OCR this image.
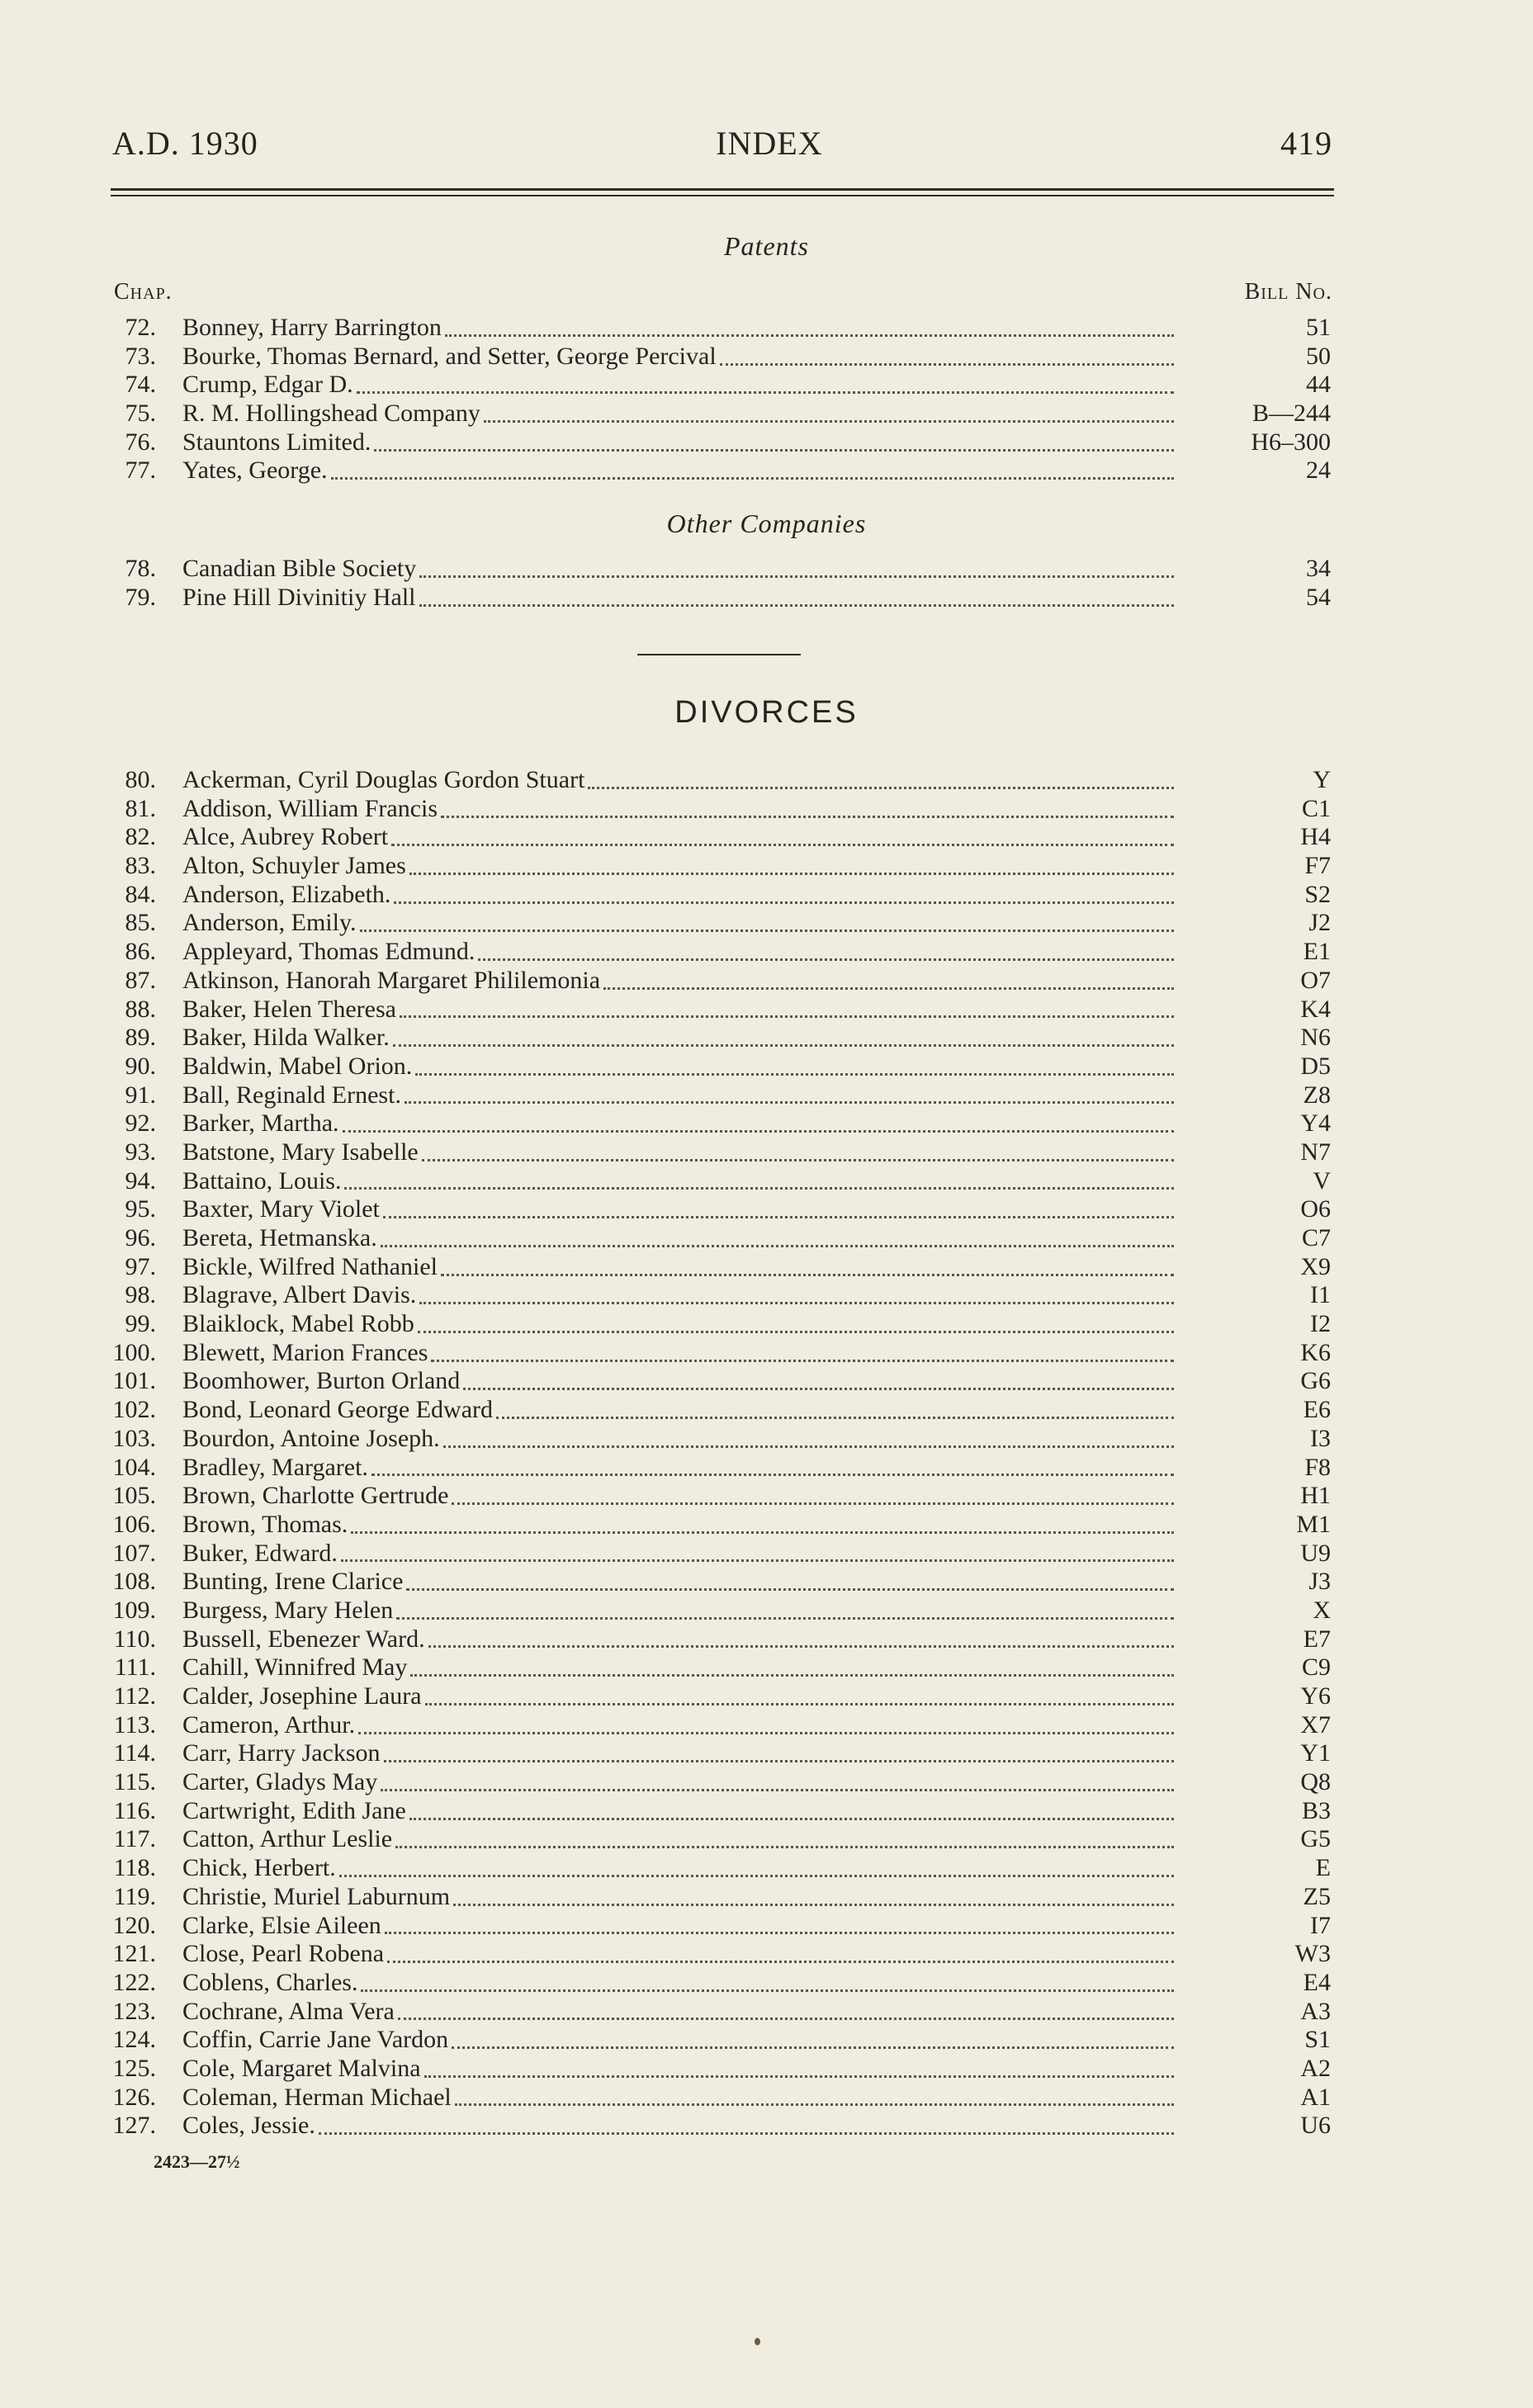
A.D. 1930	INDEX	419
Patents
Chap.	Bill No.
72.	Bonney, Harry Barrington	51
73.	Bourke, Thomas Bernard, and Setter, George Percival	50
74.	Crump, Edgar D.	44
75.	R. M. Hollingshead Company	B—244
76.	Stauntons Limited.	H6–300
77.	Yates, George.	24
Other Companies
78.	Canadian Bible Society	34
79.	Pine Hill Divinitiy Hall	54
DIVORCES
80.	Ackerman, Cyril Douglas Gordon Stuart	Y
81.	Addison, William Francis	C1
82.	Alce, Aubrey Robert	H4
83.	Alton, Schuyler James	F7
84.	Anderson, Elizabeth.	S2
85.	Anderson, Emily.	J2
86.	Appleyard, Thomas Edmund.	E1
87.	Atkinson, Hanorah Margaret Phililemonia	O7
88.	Baker, Helen Theresa	K4
89.	Baker, Hilda Walker.	N6
90.	Baldwin, Mabel Orion.	D5
91.	Ball, Reginald Ernest.	Z8
92.	Barker, Martha.	Y4
93.	Batstone, Mary Isabelle	N7
94.	Battaino, Louis.	V
95.	Baxter, Mary Violet	O6
96.	Bereta, Hetmanska.	C7
97.	Bickle, Wilfred Nathaniel	X9
98.	Blagrave, Albert Davis.	I1
99.	Blaiklock, Mabel Robb	I2
100.	Blewett, Marion Frances	K6
101.	Boomhower, Burton Orland	G6
102.	Bond, Leonard George Edward	E6
103.	Bourdon, Antoine Joseph.	I3
104.	Bradley, Margaret.	F8
105.	Brown, Charlotte Gertrude	H1
106.	Brown, Thomas.	M1
107.	Buker, Edward.	U9
108.	Bunting, Irene Clarice	J3
109.	Burgess, Mary Helen	X
110.	Bussell, Ebenezer Ward.	E7
111.	Cahill, Winnifred May	C9
112.	Calder, Josephine Laura	Y6
113.	Cameron, Arthur.	X7
114.	Carr, Harry Jackson	Y1
115.	Carter, Gladys May	Q8
116.	Cartwright, Edith Jane	B3
117.	Catton, Arthur Leslie	G5
118.	Chick, Herbert.	E
119.	Christie, Muriel Laburnum	Z5
120.	Clarke, Elsie Aileen	I7
121.	Close, Pearl Robena	W3
122.	Coblens, Charles.	E4
123.	Cochrane, Alma Vera	A3
124.	Coffin, Carrie Jane Vardon	S1
125.	Cole, Margaret Malvina	A2
126.	Coleman, Herman Michael	A1
127.	Coles, Jessie.	U6
2423—27½
